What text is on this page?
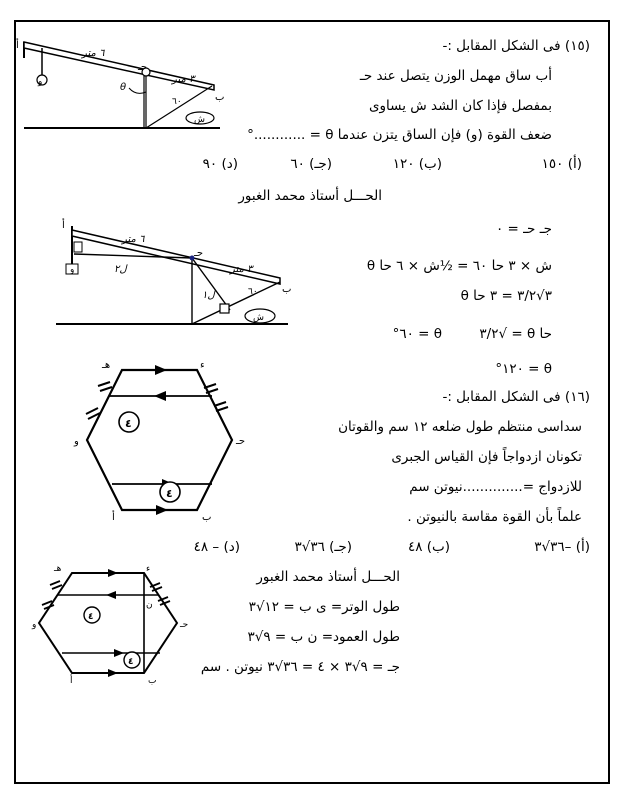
(١٥) فى الشكل المقابل :-
أب ساق مهمل الوزن يتصل عند حـ
بمفصل فإذا كان الشد ش يساوى
ضعف القوة (و) فإن الساق يتزن عندما θ = ............°
(أ) ١٥٠
(ب) ١٢٠
(جـ) ٦٠
(د) ٩٠
الحـــل أستاذ محمد الغبور
جـ حـ = ٠
ش × ٣ حا ٦٠ = ½ش × ٦ حا θ
٣√٣/٢ = ٣ حا θ
حا θ = √٣/٢
θ = ٦٠°
θ = ١٢٠°
أ
ب
حـ
و
ش
٦ متر
٣ متر
٦٠
θ
أ
ب
حـ
و
ش
٦ متر
٣ متر
٦٠
ل٢
ل١
(١٦) فى الشكل المقابل :-
سداسى منتظم طول ضلعه ١٢ سم والقوتان
تكونان ازدواجاً فإن القياس الجبرى
للازدواج =..............نيوتن سم
علماً بأن القوة مقاسة بالنيوتن .
(أ) –٣٦√٣
(ب) ٤٨
(جـ) ٣٦√٣
(د) – ٤٨
الحـــل أستاذ محمد الغبور
طول الوتر= ى ب = ١٢√٣
طول العمود= ن ب = ٩√٣
جـ = ٩√٣ × ٤ = ٣٦√٣ نيوتن . سم
٤
٤
هـ	ء
حـ
و
أ	ب
٤
٤
ن
هـ	ء
حـ
و
أ	ب
